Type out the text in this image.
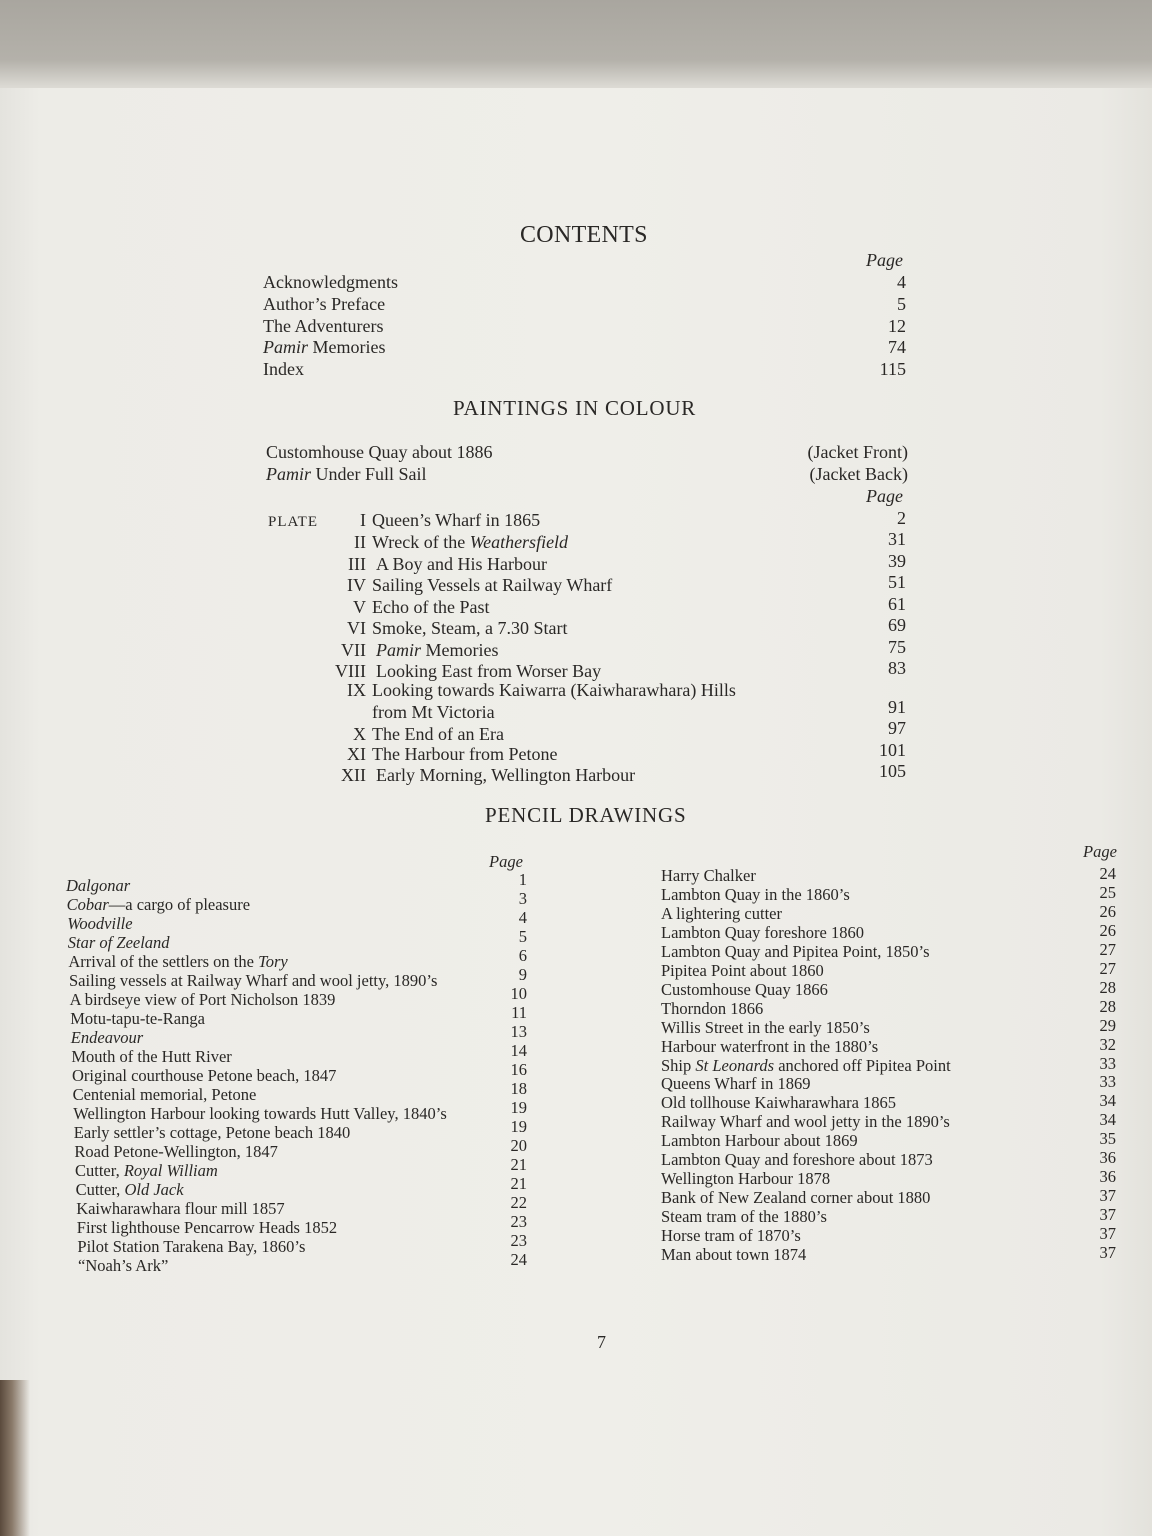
CONTENTS
Page
Acknowledgments	4
Author’s Preface	5
The Adventurers	12
Pamir Memories	74
Index	115
PAINTINGS IN COLOUR
Customhouse Quay about 1886	(Jacket Front)
Pamir Under Full Sail	(Jacket Back)
Page
PLATE	I Queen’s Wharf in 1865	2
II Wreck of the Weathersfield	31
III A Boy and His Harbour	39
IV Sailing Vessels at Railway Wharf	51
V Echo of the Past	61
VI Smoke, Steam, a 7.30 Start	69
VII Pamir Memories	75
VIII Looking East from Worser Bay	83
IX Looking towards Kaiwarra (Kaiwharawhara) Hills
from Mt Victoria	91
X The End of an Era	97
XI The Harbour from Petone	101
XII Early Morning, Wellington Harbour	105
PENCIL DRAWINGS
Page
Page
Dalgonar	1
Cobar—a cargo of pleasure	3
Woodville	4
Star of Zeeland	5
Arrival of the settlers on the Tory	6
Sailing vessels at Railway Wharf and wool jetty, 1890’s	9
A birdseye view of Port Nicholson 1839	10
Motu-tapu-te-Ranga	11
Endeavour	13
Mouth of the Hutt River	14
Original courthouse Petone beach, 1847	16
Centenial memorial, Petone	18
Wellington Harbour looking towards Hutt Valley, 1840’s	19
Early settler’s cottage, Petone beach 1840	19
Road Petone-Wellington, 1847	20
Cutter, Royal William	21
Cutter, Old Jack	21
Kaiwharawhara flour mill 1857	22
First lighthouse Pencarrow Heads 1852	23
Pilot Station Tarakena Bay, 1860’s	23
“Noah’s Ark”	24
Harry Chalker	24
Lambton Quay in the 1860’s	25
A lightering cutter	26
Lambton Quay foreshore 1860	26
Lambton Quay and Pipitea Point, 1850’s	27
Pipitea Point about 1860	27
Customhouse Quay 1866	28
Thorndon 1866	28
Willis Street in the early 1850’s	29
Harbour waterfront in the 1880’s	32
Ship St Leonards anchored off Pipitea Point	33
Queens Wharf in 1869	33
Old tollhouse Kaiwharawhara 1865	34
Railway Wharf and wool jetty in the 1890’s	34
Lambton Harbour about 1869	35
Lambton Quay and foreshore about 1873	36
Wellington Harbour 1878	36
Bank of New Zealand corner about 1880	37
Steam tram of the 1880’s	37
Horse tram of 1870’s	37
Man about town 1874	37
7
